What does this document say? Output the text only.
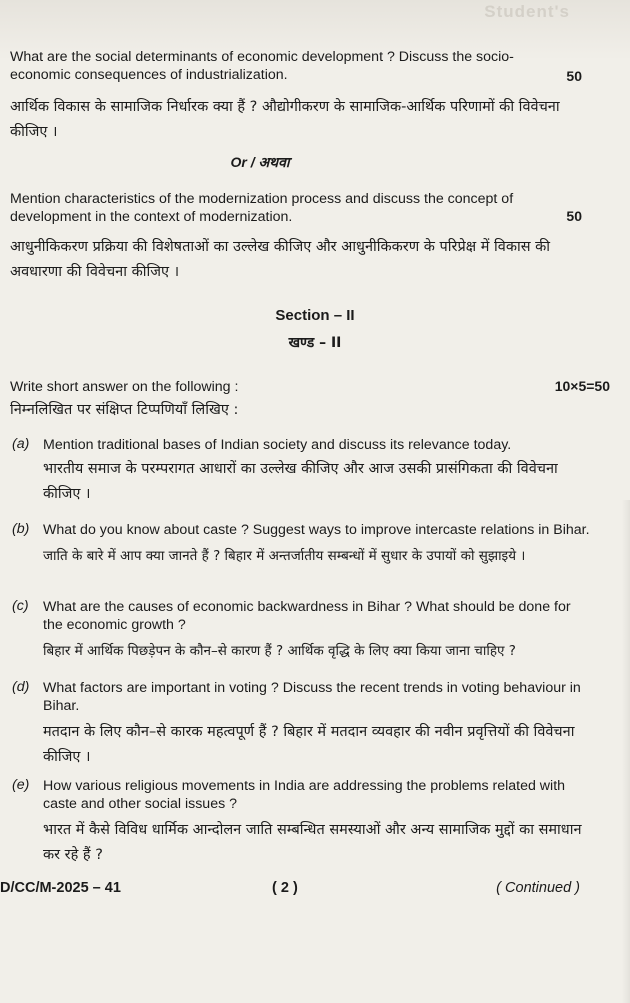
Student's
What are the social determinants of economic development ? Discuss the socio-economic consequences of industrialization.	50
आर्थिक विकास के सामाजिक निर्धारक क्या हैं ? औद्योगीकरण के सामाजिक-आर्थिक परिणामों की विवेचना कीजिए ।
Or / अथवा
Mention characteristics of the modernization process and discuss the concept of development in the context of modernization.	50
आधुनीकिकरण प्रक्रिया की विशेषताओं का उल्लेख कीजिए और आधुनीकिकरण के परिप्रेक्ष में विकास की अवधारणा की विवेचना कीजिए ।
Section – II
खण्ड – II
Write short answer on the following :	10×5=50
निम्नलिखित पर संक्षिप्त टिप्पणियाँ लिखिए :
(a) Mention traditional bases of Indian society and discuss its relevance today.
भारतीय समाज के परम्परागत आधारों का उल्लेख कीजिए और आज उसकी प्रासंगिकता की विवेचना कीजिए ।
(b) What do you know about caste ? Suggest ways to improve intercaste relations in Bihar.
जाति के बारे में आप क्या जानते हैं ? बिहार में अन्तर्जातीय सम्बन्धों में सुधार के उपायों को सुझाइये ।
(c) What are the causes of economic backwardness in Bihar ? What should be done for the economic growth ?
बिहार में आर्थिक पिछड़ेपन के कौन–से कारण हैं ? आर्थिक वृद्धि के लिए क्या किया जाना चाहिए ?
(d) What factors are important in voting ? Discuss the recent trends in voting behaviour in Bihar.
मतदान के लिए कौन–से कारक महत्वपूर्ण हैं ? बिहार में मतदान व्यवहार की नवीन प्रवृत्तियों की विवेचना कीजिए ।
(e) How various religious movements in India are addressing the problems related with caste and other social issues ?
भारत में कैसे विविध धार्मिक आन्दोलन जाति सम्बन्धित समस्याओं और अन्य सामाजिक मुद्दों का समाधान कर रहे हैं ?
D/CC/M-2025 – 41	( 2 )	( Continued )
